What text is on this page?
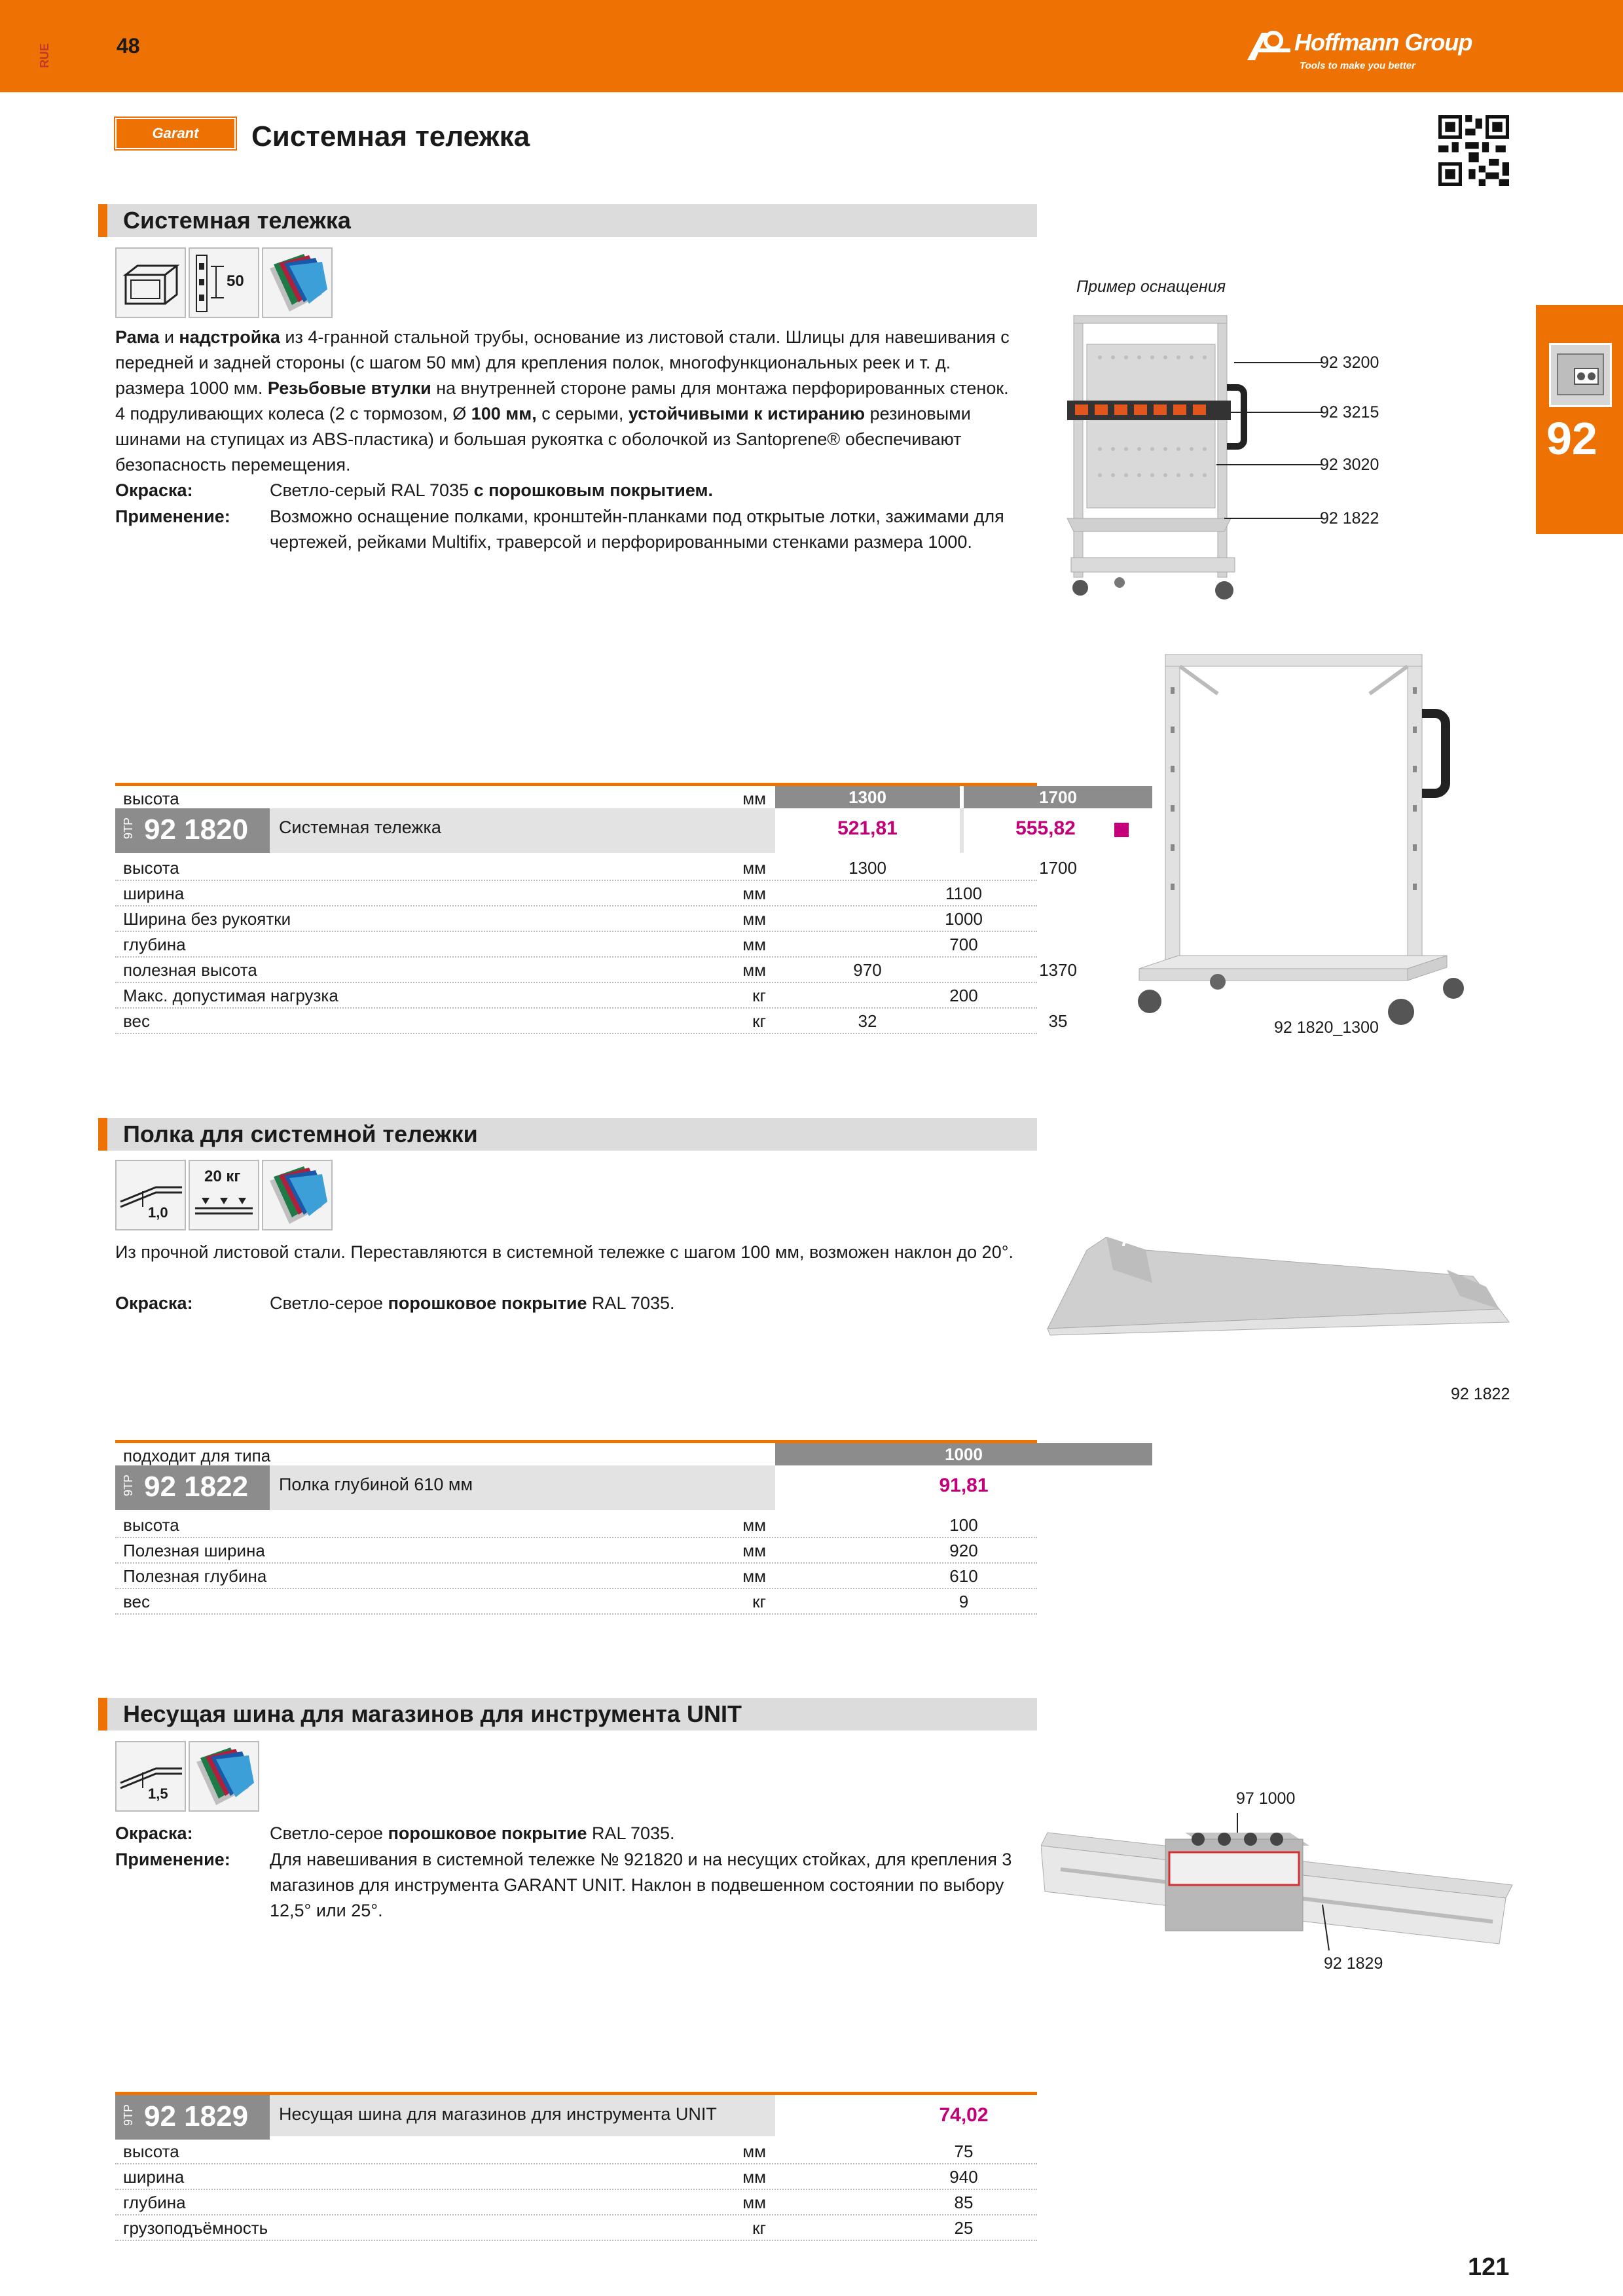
RUE	48	Hoffmann Group
Tools to make you better
Garant	Системная тележка
92
Системная тележка
50
Рама и надстройка из 4-гранной стальной трубы, основание из листовой стали. Шлицы для навешивания с передней и задней стороны (с шагом 50 мм) для крепления полок, многофункциональных реек и т. д. размера 1000 мм. Резьбовые втулки на внутренней стороне рамы для монтажа перфорированных стенок. 4 подруливающих колеса (2 с тормозом, Ø 100 мм, с серыми, устойчивыми к истиранию резиновыми шинами на ступицах из ABS-пластика) и большая рукоятка с оболочкой из Santoprene® обеспечивают безопасность перемещения.
Окраска:	Светло-серый RAL 7035 с порошковым покрытием.
Применение: Возможно оснащение полками, кронштейн-планками под открытые лотки, зажимами для чертежей, рейками Multifix, траверсой и перфорированными стенками размера 1000.
Пример оснащения
92 3200
92 3215
92 3020
92 1822
92 1820_1300
высота	мм	1300	1700
9TP 92 1820 Системная тележка	521,81	555,82
высота	мм	1300	1700
ширина	мм	1100
Ширина без рукоятки	мм	1000
глубина	мм	700
полезная высота	мм	970	1370
Макс. допустимая нагрузка	кг	200
вес	кг	32	35
Полка для системной тележки
1,0
20 кг
Из прочной листовой стали. Переставляются в системной тележке с шагом 100 мм, возможен наклон до 20°.
Окраска:	Светло-серое порошковое покрытие RAL 7035.
92 1822
подходит для типа	1000
9TP 92 1822 Полка глубиной 610 мм	91,81
высота	мм	100
Полезная ширина	мм	920
Полезная глубина	мм	610
вес	кг	9
Несущая шина для магазинов для инструмента UNIT
1,5
Окраска:	Светло-серое порошковое покрытие RAL 7035.
Применение: Для навешивания в системной тележке № 921820 и на несущих стойках, для крепления 3 магазинов для инструмента GARANT UNIT. Наклон в подвешенном состоянии по выбору 12,5° или 25°.
97 1000
92 1829
9TP 92 1829 Несущая шина для магазинов для инструмента UNIT	74,02
высота	мм	75
ширина	мм	940
глубина	мм	85
грузоподъёмность	кг	25
121
